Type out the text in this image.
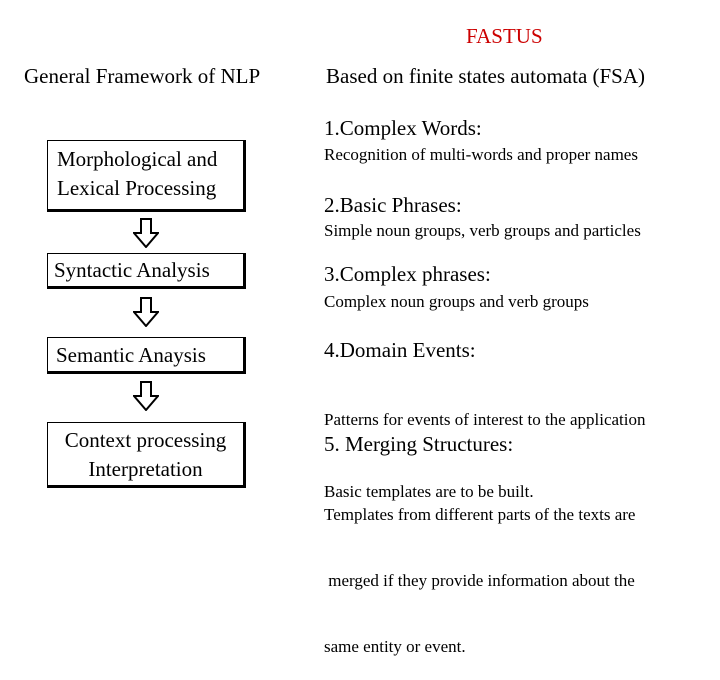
FASTUS
General Framework of NLP	Based on finite states automata (FSA)
Morphological and
Lexical Processing
Syntactic Analysis
Semantic Anaysis
Context processing
Interpretation
1.Complex Words:
Recognition of multi-words and proper names
2.Basic Phrases:
Simple noun groups, verb groups and particles
3.Complex phrases:
Complex noun groups and verb groups
4.Domain Events:

Patterns for events of interest to the application

Basic templates are to be built.

5. Merging Structures:

Templates from different parts of the texts are

merged if they provide information about the

same entity or event.
